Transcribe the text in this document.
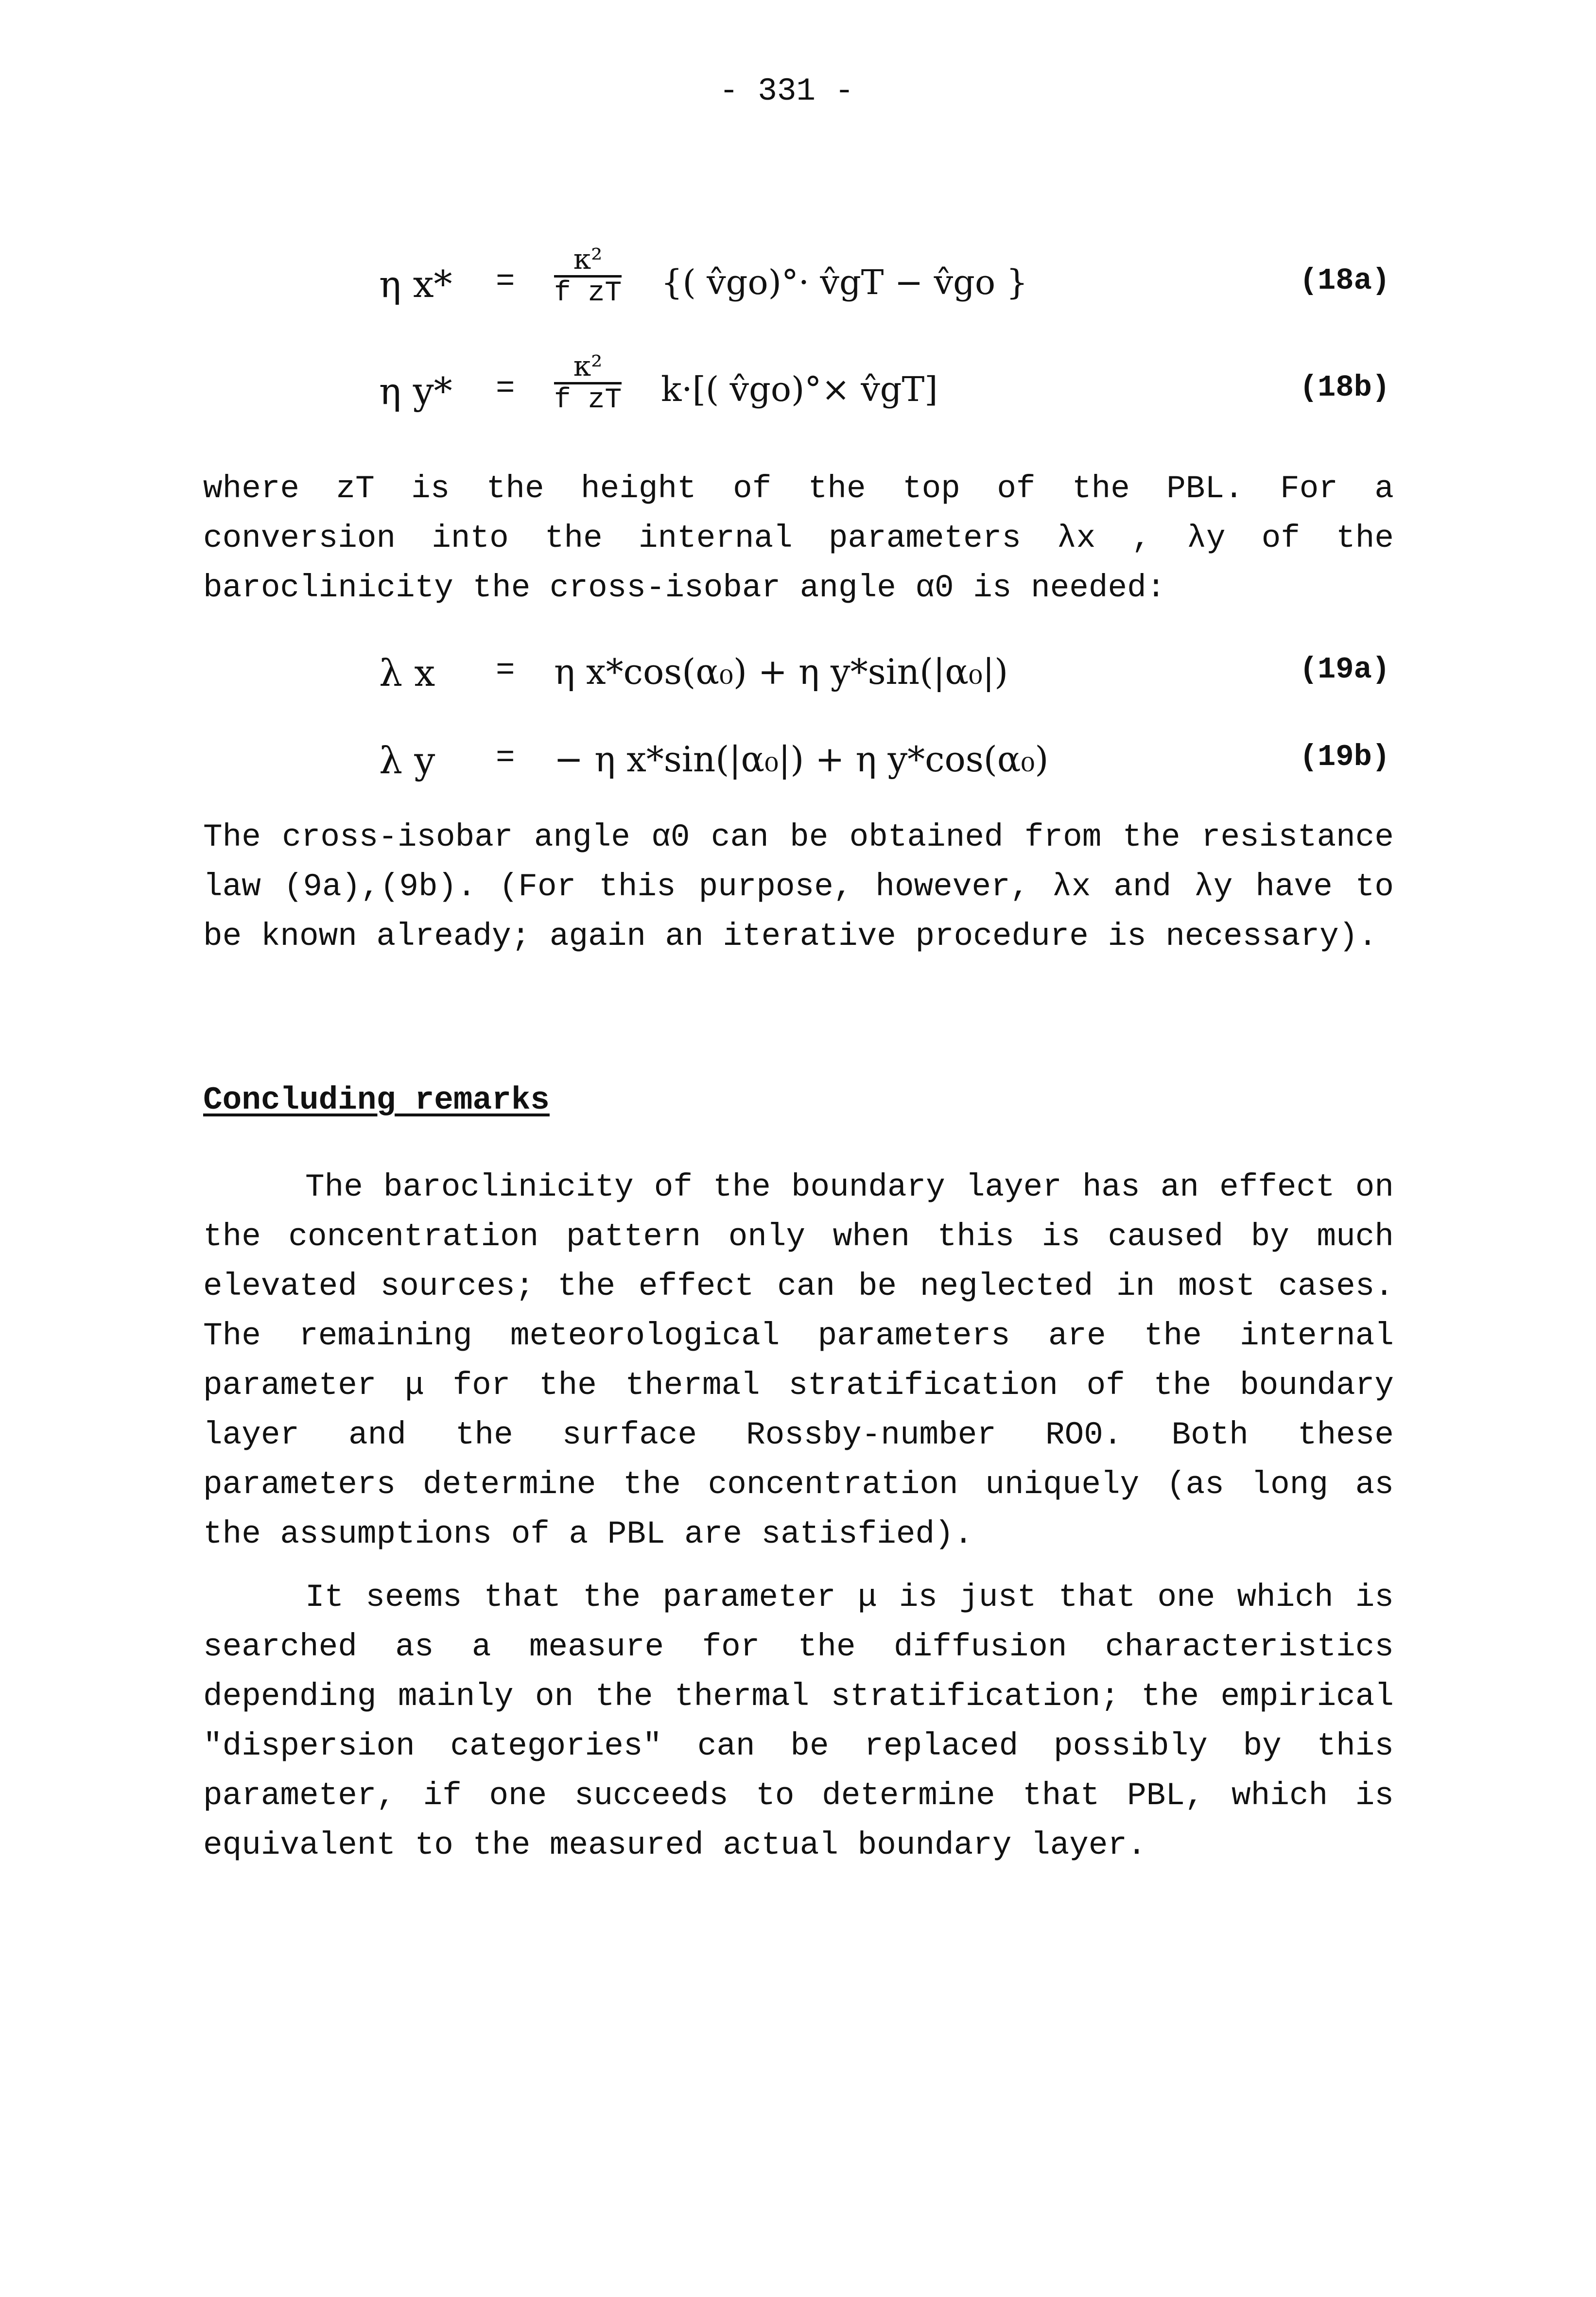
- 331 -
η $x* = \frac{\text{κ²}}{\text{f zT}}$ {( v̂go)°· v̂gT − v̂go }	(18a)
η $y* = \frac{\text{κ²}}{\text{f zT}} k\cdot$[( v̂go)°× v̂gT]	(18b)

where zT is the height of the top of the PBL. For a conversion into the internal parameters λx , λy of the baroclinicity the cross-isobar angle α0 is needed:

λ x = η x*cos(α₀) + η y*sin(|α₀|)	(19a)
λ y = − η x*sin(|α₀|) + η y*cos(α₀)	(19b)

The cross-isobar angle α0 can be obtained from the resistance law (9a),(9b). (For this purpose, however, λx and λy have to be known already; again an iterative procedure is necessary).

Concluding remarks

The baroclinicity of the boundary layer has an effect on the concentration pattern only when this is caused by much elevated sources; the effect can be neglected in most cases. The remaining meteorological parameters are the internal parameter μ for the thermal stratification of the boundary layer and the surface Rossby-number RO0. Both these parameters determine the concentration uniquely (as long as the assumptions of a PBL are satisfied).

It seems that the parameter μ is just that one which is searched as a measure for the diffusion characteristics depending mainly on the thermal stratification; the empirical "dispersion categories" can be replaced possibly by this parameter, if one succeeds to determine that PBL, which is equivalent to the measured actual boundary layer.
